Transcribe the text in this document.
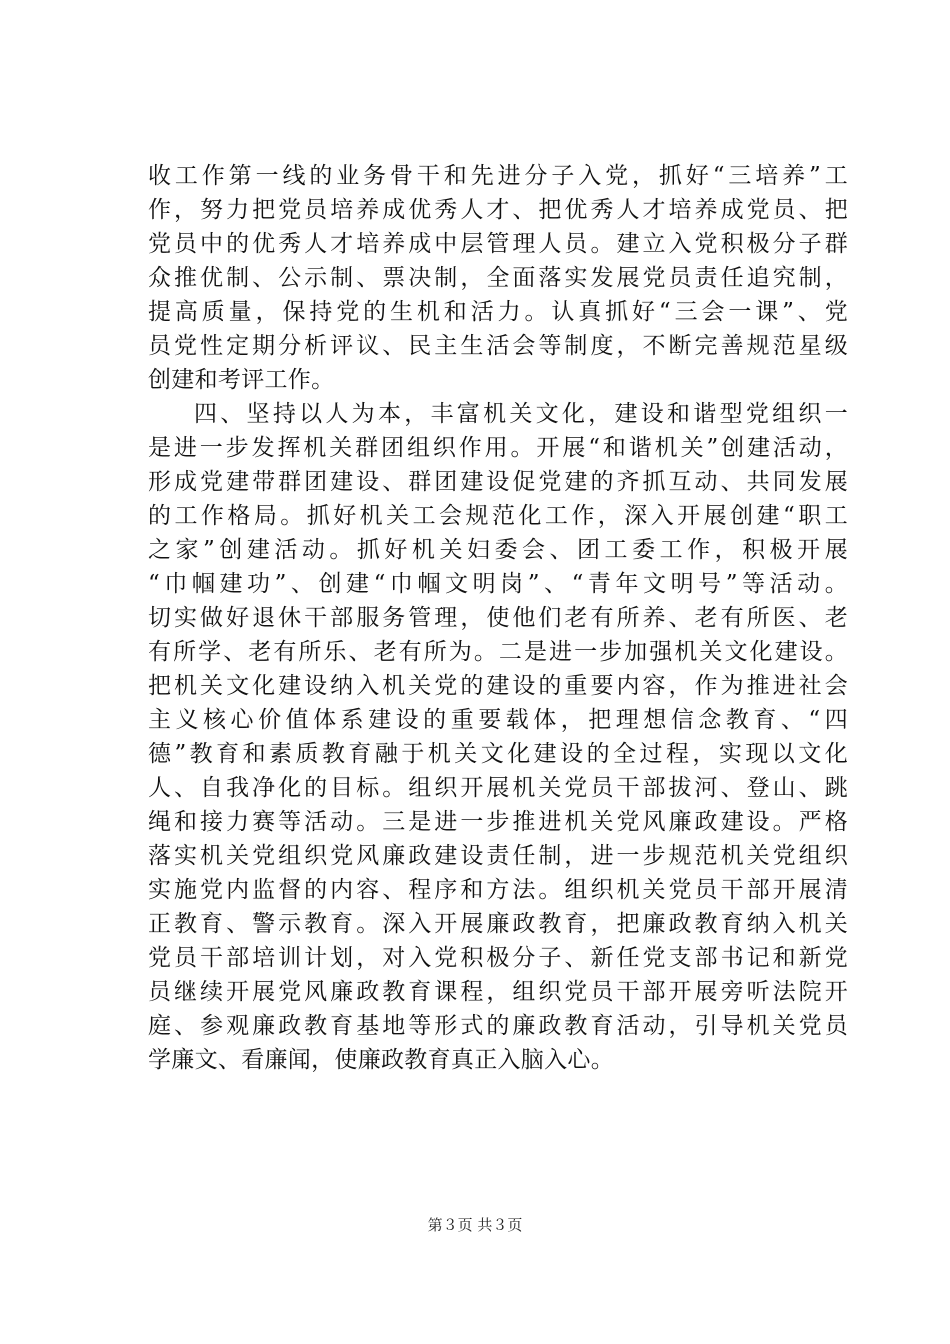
收工作第一线的业务骨干和先进分子入党，抓好“三培养”工
作，努力把党员培养成优秀人才、把优秀人才培养成党员、把
党员中的优秀人才培养成中层管理人员。建立入党积极分子群
众推优制、公示制、票决制，全面落实发展党员责任追究制，
提高质量，保持党的生机和活力。认真抓好“三会一课”、党
员党性定期分析评议、民主生活会等制度，不断完善规范星级
创建和考评工作。
四、坚持以人为本，丰富机关文化，建设和谐型党组织一
是进一步发挥机关群团组织作用。开展“和谐机关”创建活动，
形成党建带群团建设、群团建设促党建的齐抓互动、共同发展
的工作格局。抓好机关工会规范化工作，深入开展创建“职工
之家”创建活动。抓好机关妇委会、团工委工作，积极开展
“巾帼建功”、创建“巾帼文明岗”、“青年文明号”等活动。
切实做好退休干部服务管理，使他们老有所养、老有所医、老
有所学、老有所乐、老有所为。二是进一步加强机关文化建设。
把机关文化建设纳入机关党的建设的重要内容，作为推进社会
主义核心价值体系建设的重要载体，把理想信念教育、“四
德”教育和素质教育融于机关文化建设的全过程，实现以文化
人、自我净化的目标。组织开展机关党员干部拔河、登山、跳
绳和接力赛等活动。三是进一步推进机关党风廉政建设。严格
落实机关党组织党风廉政建设责任制，进一步规范机关党组织
实施党内监督的内容、程序和方法。组织机关党员干部开展清
正教育、警示教育。深入开展廉政教育，把廉政教育纳入机关
党员干部培训计划，对入党积极分子、新任党支部书记和新党
员继续开展党风廉政教育课程，组织党员干部开展旁听法院开
庭、参观廉政教育基地等形式的廉政教育活动，引导机关党员
学廉文、看廉闻，使廉政教育真正入脑入心。
第３页 共３页
